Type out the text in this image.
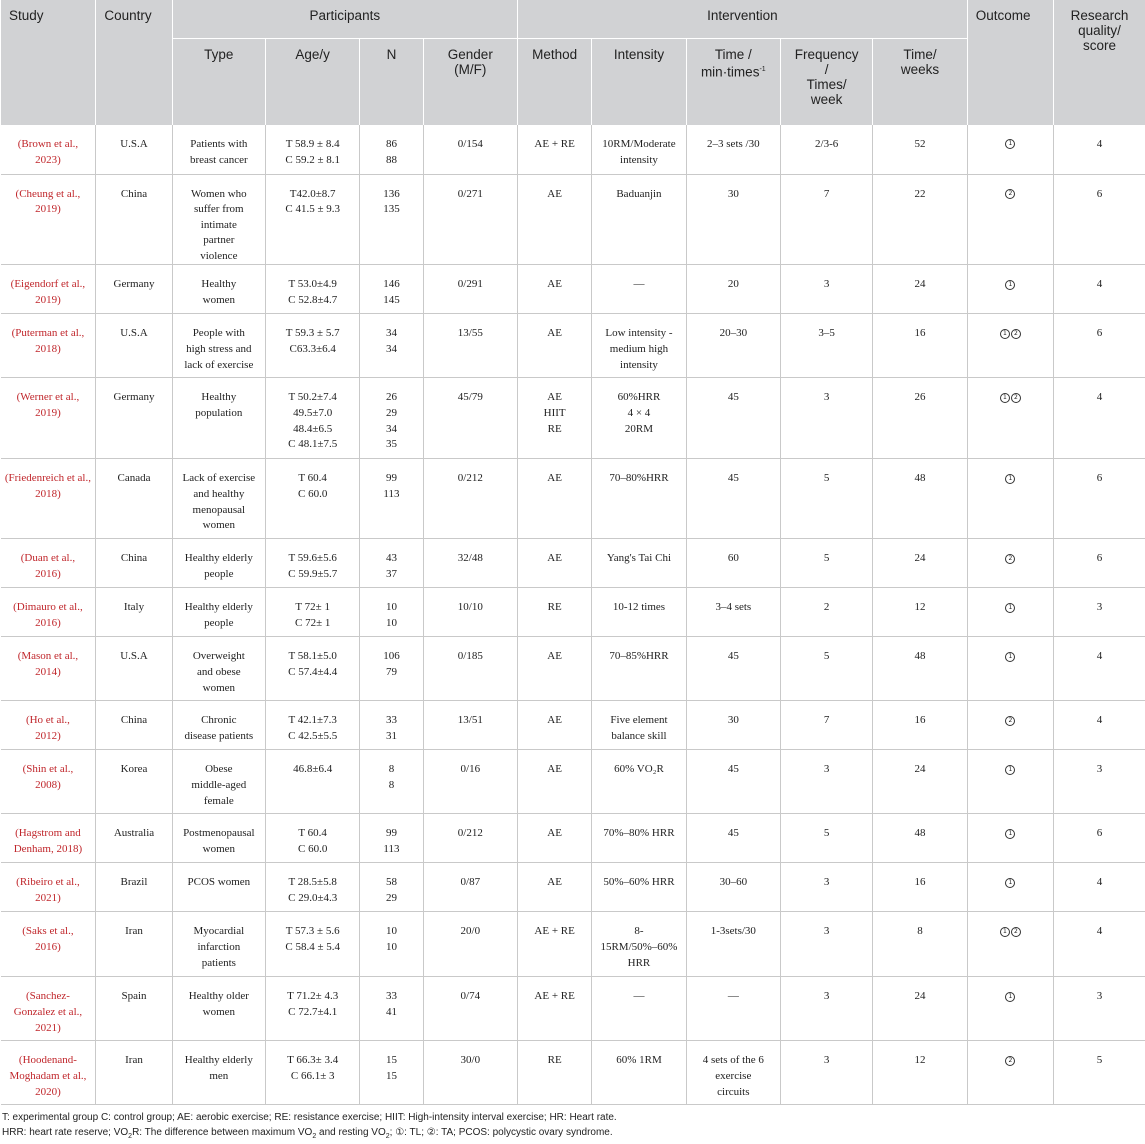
Study	Country	Participants				Intervention					Outcome	Research
quality/
score
		Type	Age/y	N	Gender
(M/F)	Method	Intensity	Time /
min·times$^{-1}$	Frequency
/
Times/
week	Time/
weeks		

(Brown et al.,
2023)	U.S.A	Patients with
breast cancer	T 58.9 ± 8.4
C 59.2 ± 8.1	86
88	0/154	AE + RE	10RM/Moderate
intensity	2–3 sets /30	2/3-6	52	1	4

(Cheung et al.,
2019)	China	Women who
suffer from
intimate
partner
violence	T42.0±8.7
C 41.5 ± 9.3	136
135	0/271	AE	Baduanjin	30	7	22	2	6

(Eigendorf et al.,
2019)	Germany	Healthy
women	T 53.0±4.9
C 52.8±4.7	146
145	0/291	AE	—	20	3	24	1	4

(Puterman et al.,
2018)	U.S.A	People with
high stress and
lack of exercise	T 59.3 ± 5.7
C63.3±6.4	34
34	13/55	AE	Low intensity -
medium high
intensity	20–30	3–5	16	1 2	6

(Werner et al.,
2019)	Germany	Healthy
population	T 50.2±7.4
49.5±7.0
48.4±6.5
C 48.1±7.5	26
29
34
35	45/79	AE
HIIT
RE	60%HRR
4 × 4
20RM	45	3	26	1 2	4

(Friedenreich et al.,
2018)	Canada	Lack of exercise
and healthy
menopausal
women	T 60.4
C 60.0	99
113	0/212	AE	70–80%HRR	45	5	48	1	6

(Duan et al.,
2016)	China	Healthy elderly
people	T 59.6±5.6
C 59.9±5.7	43
37	32/48	AE	Yang's Tai Chi	60	5	24	2	6

(Dimauro et al.,
2016)	Italy	Healthy elderly
people	T 72± 1
C 72± 1	10
10	10/10	RE	10-12 times	3–4 sets	2	12	1	3

(Mason et al.,
2014)	U.S.A	Overweight
and obese
women	T 58.1±5.0
C 57.4±4.4	106
79	0/185	AE	70–85%HRR	45	5	48	1	4

(Ho et al.,
2012)	China	Chronic
disease patients	T 42.1±7.3
C 42.5±5.5	33
31	13/51	AE	Five element
balance skill	30	7	16	2	4

(Shin et al.,
2008)	Korea	Obese
middle-aged
female	46.8±6.4	8
8	0/16	AE	60% VO₂R	45	3	24	1	3

(Hagstrom and
Denham, 2018)	Australia	Postmenopausal
women	T 60.4
C 60.0	99
113	0/212	AE	70%–80% HRR	45	5	48	1	6

(Ribeiro et al.,
2021)	Brazil	PCOS women	T 28.5±5.8
C 29.0±4.3	58
29	0/87	AE	50%–60% HRR	30–60	3	16	1	4

(Saks et al.,
2016)	Iran	Myocardial
infarction
patients	T 57.3 ± 5.6
C 58.4 ± 5.4	10
10	20/0	AE + RE	8-
15RM/50%–60%
HRR	1-3sets/30	3	8	1 2	4

(Sanchez-
Gonzalez et al.,
2021)	Spain	Healthy older
women	T 71.2± 4.3
C 72.7±4.1	33
41	0/74	AE + RE	—	—	3	24	1	3

(Hoodenand-
Moghadam et al.,
2020)	Iran	Healthy elderly
men	T 66.3± 3.4
C 66.1± 3	15
15	30/0	RE	60% 1RM	4 sets of the 6
exercise
circuits	3	12	2	5
T: experimental group C: control group; AE: aerobic exercise; RE: resistance exercise; HIIT: High-intensity interval exercise; HR: Heart rate.
HRR: heart rate reserve; $VO_2R$: The difference between maximum $VO_2$ and resting $VO_2$; ①: TL; ②: TA; PCOS: polycystic ovary syndrome.
